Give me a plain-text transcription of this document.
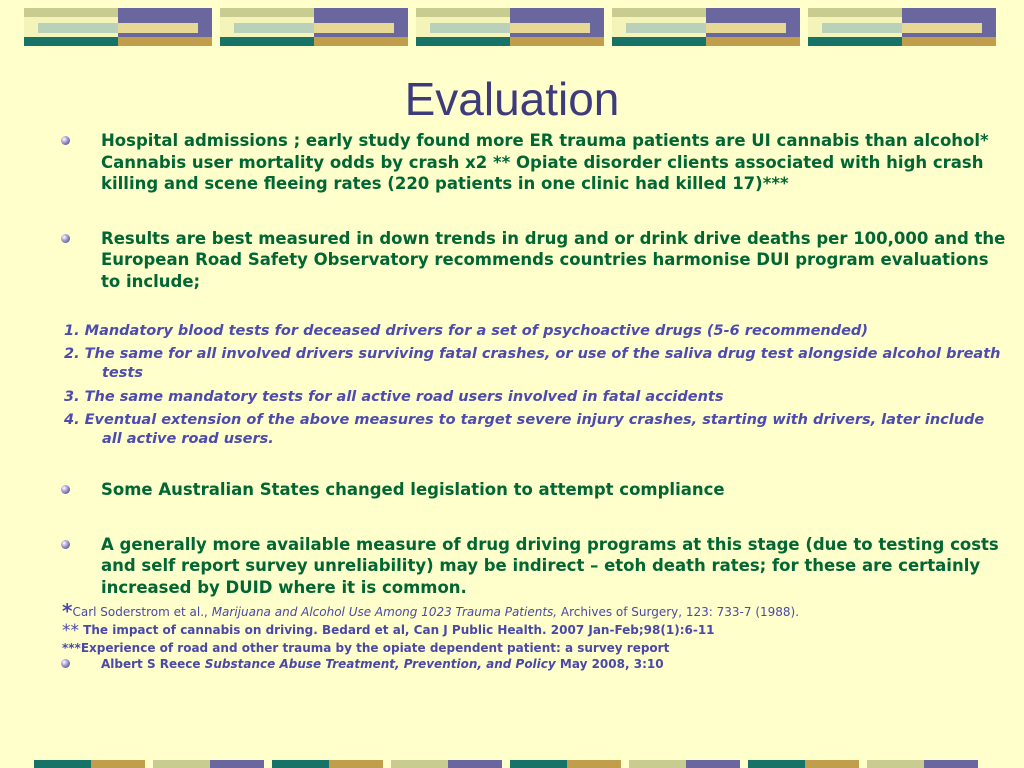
Evaluation
Hospital admissions ; early study found more ER trauma patients are UI cannabis than alcohol* Cannabis user mortality odds by crash x2 ** Opiate disorder clients associated with high crash killing and scene fleeing rates (220 patients in one clinic had killed 17)***
Results are best measured in down trends in drug and or drink drive deaths per 100,000 and the European Road Safety Observatory recommends countries harmonise DUI program evaluations to include;
1. Mandatory blood tests for deceased drivers for a set of psychoactive drugs (5-6 recommended)
2. The same for all involved drivers surviving fatal crashes, or use of the saliva drug test alongside alcohol breath tests
3. The same mandatory tests for all active road users involved in fatal accidents
4. Eventual extension of the above measures to target severe injury crashes, starting with drivers, later include all active road users.
Some Australian States changed legislation to attempt compliance
A generally more available measure of drug driving programs at this stage (due to testing costs and self report survey unreliability) may be indirect – etoh death rates; for these are certainly increased by DUID where it is common.
*Carl Soderstrom et al., Marijuana and Alcohol Use Among 1023 Trauma Patients, Archives of Surgery, 123: 733-7 (1988).
** The impact of cannabis on driving. Bedard et al, Can J Public Health. 2007 Jan-Feb;98(1):6-11
***Experience of road and other trauma by the opiate dependent patient: a survey report
Albert S Reece Substance Abuse Treatment, Prevention, and Policy May 2008, 3:10
